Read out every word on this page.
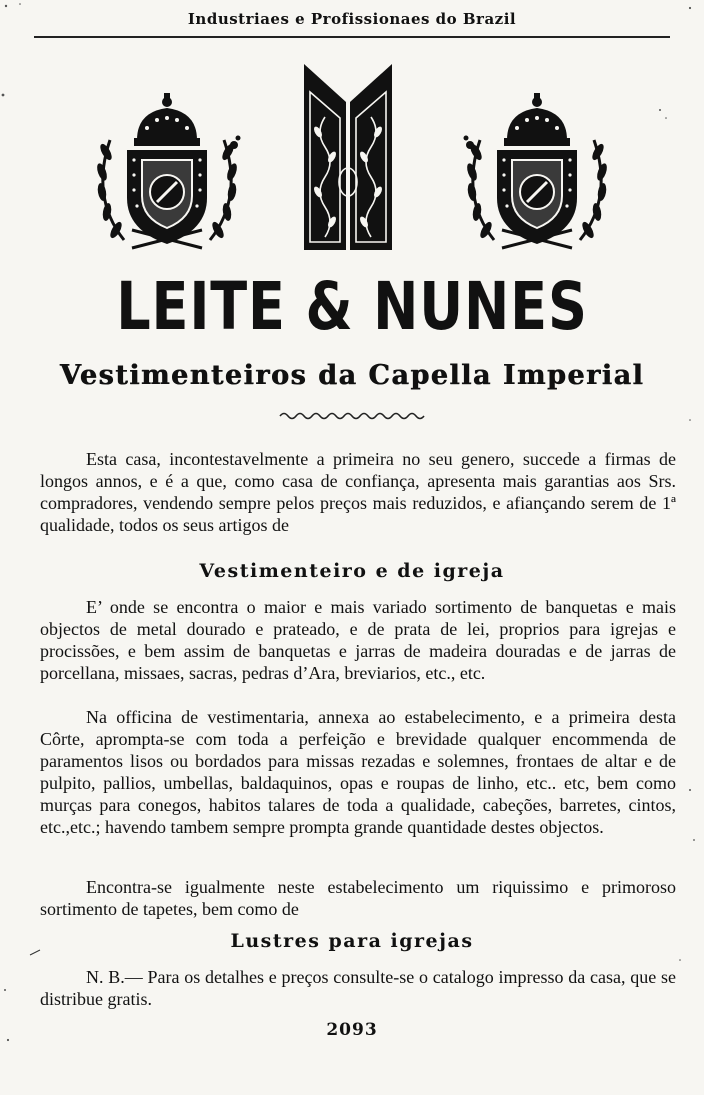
Industriaes e Profissionaes do Brazil
LEITE & NUNES
Vestimenteiros da Capella Imperial
Esta casa, incontestavelmente a primeira no seu genero, succede a firmas de longos annos, e é a que, como casa de confiança, apresenta mais garantias aos Srs. compradores, vendendo sempre pelos preços mais reduzidos, e afiançando serem de 1ª qualidade, todos os seus artigos de
Vestimenteiro e de igreja
E’ onde se encontra o maior e mais variado sortimento de banquetas e mais objectos de metal dourado e prateado, e de prata de lei, proprios para igrejas e procissões, e bem assim de banquetas e jarras de madeira douradas e de jarras de porcellana, missaes, sacras, pedras d’Ara, breviarios, etc., etc.
Na officina de vestimentaria, annexa ao estabelecimento, e a primeira desta Côrte, aprompta-se com toda a perfeição e brevidade qualquer encommenda de paramentos lisos ou bordados para missas rezadas e solemnes, frontaes de altar e de pulpito, pallios, umbellas, baldaquinos, opas e roupas de linho, etc.. etc, bem como murças para conegos, habitos talares de toda a qualidade, cabeções, barretes, cintos, etc.,etc.; havendo tambem sempre prompta grande quantidade destes objectos.
Encontra-se igualmente neste estabelecimento um riquissimo e primoroso sortimento de tapetes, bem como de
Lustres para igrejas
N. B.— Para os detalhes e preços consulte-se o catalogo impresso da casa, que se distribue gratis.
2093
